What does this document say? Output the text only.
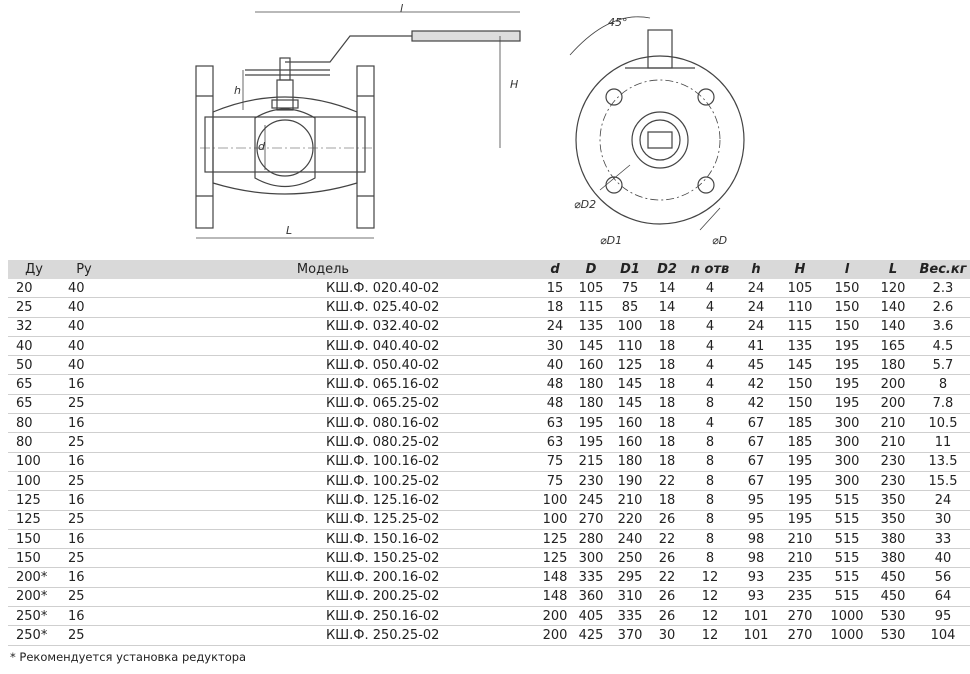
l
h	H
d
L
45°
⌀D2
⌀D1	⌀D
Ду	Ру	Модель	d	D	D1	D2	n отв	h	H	l	L	Вес.кг
20	40	КШ.Ф. 020.40-02	15	105	75	14	4	24	105	150	120	2.3
25	40	КШ.Ф. 025.40-02	18	115	85	14	4	24	110	150	140	2.6
32	40	КШ.Ф. 032.40-02	24	135	100	18	4	24	115	150	140	3.6
40	40	КШ.Ф. 040.40-02	30	145	110	18	4	41	135	195	165	4.5
50	40	КШ.Ф. 050.40-02	40	160	125	18	4	45	145	195	180	5.7
65	16	КШ.Ф. 065.16-02	48	180	145	18	4	42	150	195	200	8
65	25	КШ.Ф. 065.25-02	48	180	145	18	8	42	150	195	200	7.8
80	16	КШ.Ф. 080.16-02	63	195	160	18	4	67	185	300	210	10.5
80	25	КШ.Ф. 080.25-02	63	195	160	18	8	67	185	300	210	11
100	16	КШ.Ф. 100.16-02	75	215	180	18	8	67	195	300	230	13.5
100	25	КШ.Ф. 100.25-02	75	230	190	22	8	67	195	300	230	15.5
125	16	КШ.Ф. 125.16-02	100	245	210	18	8	95	195	515	350	24
125	25	КШ.Ф. 125.25-02	100	270	220	26	8	95	195	515	350	30
150	16	КШ.Ф. 150.16-02	125	280	240	22	8	98	210	515	380	33
150	25	КШ.Ф. 150.25-02	125	300	250	26	8	98	210	515	380	40
200*	16	КШ.Ф. 200.16-02	148	335	295	22	12	93	235	515	450	56
200*	25	КШ.Ф. 200.25-02	148	360	310	26	12	93	235	515	450	64
250*	16	КШ.Ф. 250.16-02	200	405	335	26	12	101	270	1000	530	95
250*	25	КШ.Ф. 250.25-02	200	425	370	30	12	101	270	1000	530	104
* Рекомендуется установка редуктора
